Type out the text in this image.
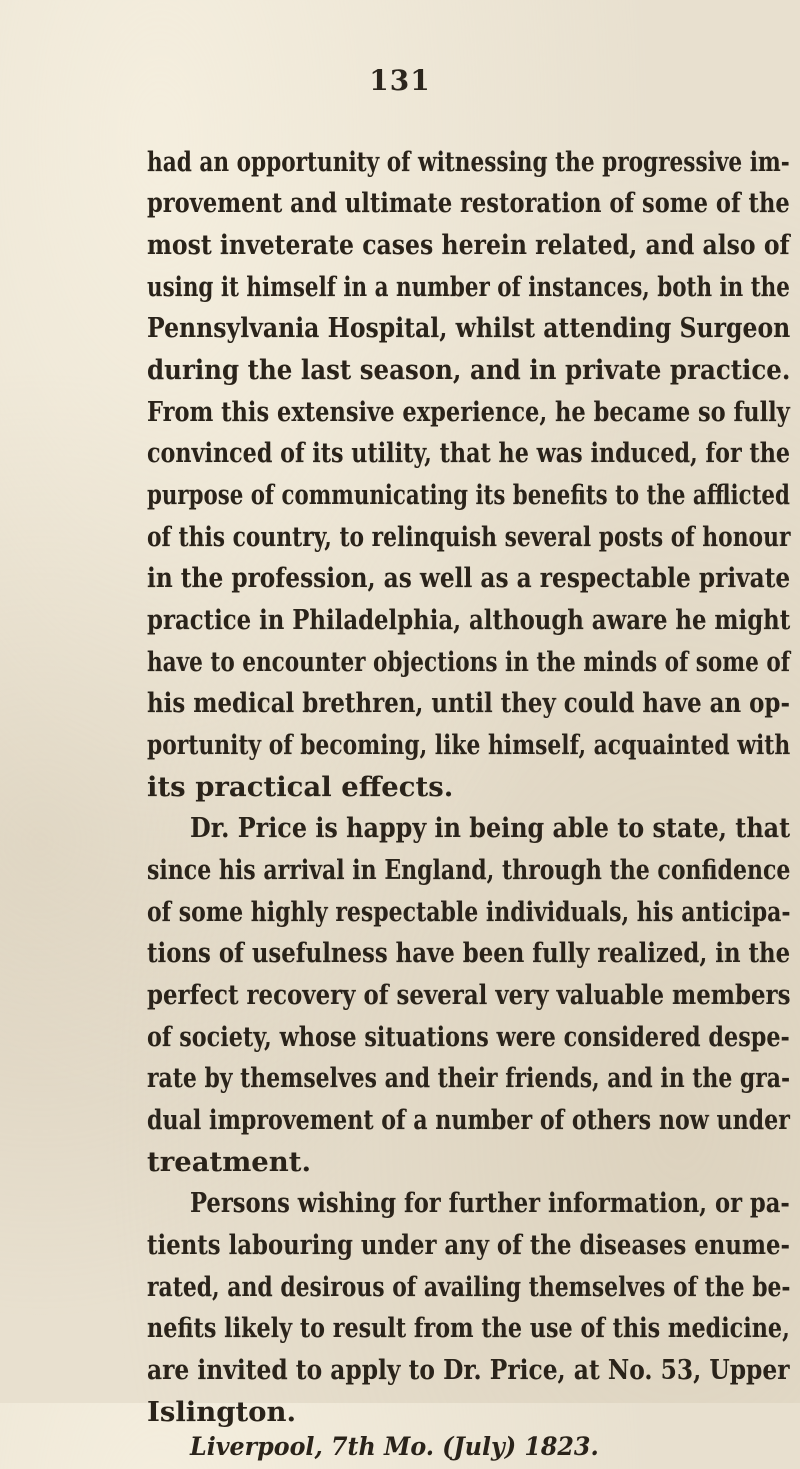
131
had an opportunity of witnessing the progressive im-
provement and ultimate restoration of some of the
most inveterate cases herein related, and also of
using it himself in a number of instances, both in the
Pennsylvania Hospital, whilst attending Surgeon
during the last season, and in private practice.
From this extensive experience, he became so fully
convinced of its utility, that he was induced, for the
purpose of communicating its benefits to the afflicted
of this country, to relinquish several posts of honour
in the profession, as well as a respectable private
practice in Philadelphia, although aware he might
have to encounter objections in the minds of some of
his medical brethren, until they could have an op-
portunity of becoming, like himself, acquainted with
its practical effects.
Dr. Price is happy in being able to state, that
since his arrival in England, through the confidence
of some highly respectable individuals, his anticipa-
tions of usefulness have been fully realized, in the
perfect recovery of several very valuable members
of society, whose situations were considered despe-
rate by themselves and their friends, and in the gra-
dual improvement of a number of others now under
treatment.
Persons wishing for further information, or pa-
tients labouring under any of the diseases enume-
rated, and desirous of availing themselves of the be-
nefits likely to result from the use of this medicine,
are invited to apply to Dr. Price, at No. 53, Upper
Islington.
Liverpool, 7th Mo. (July) 1823.
